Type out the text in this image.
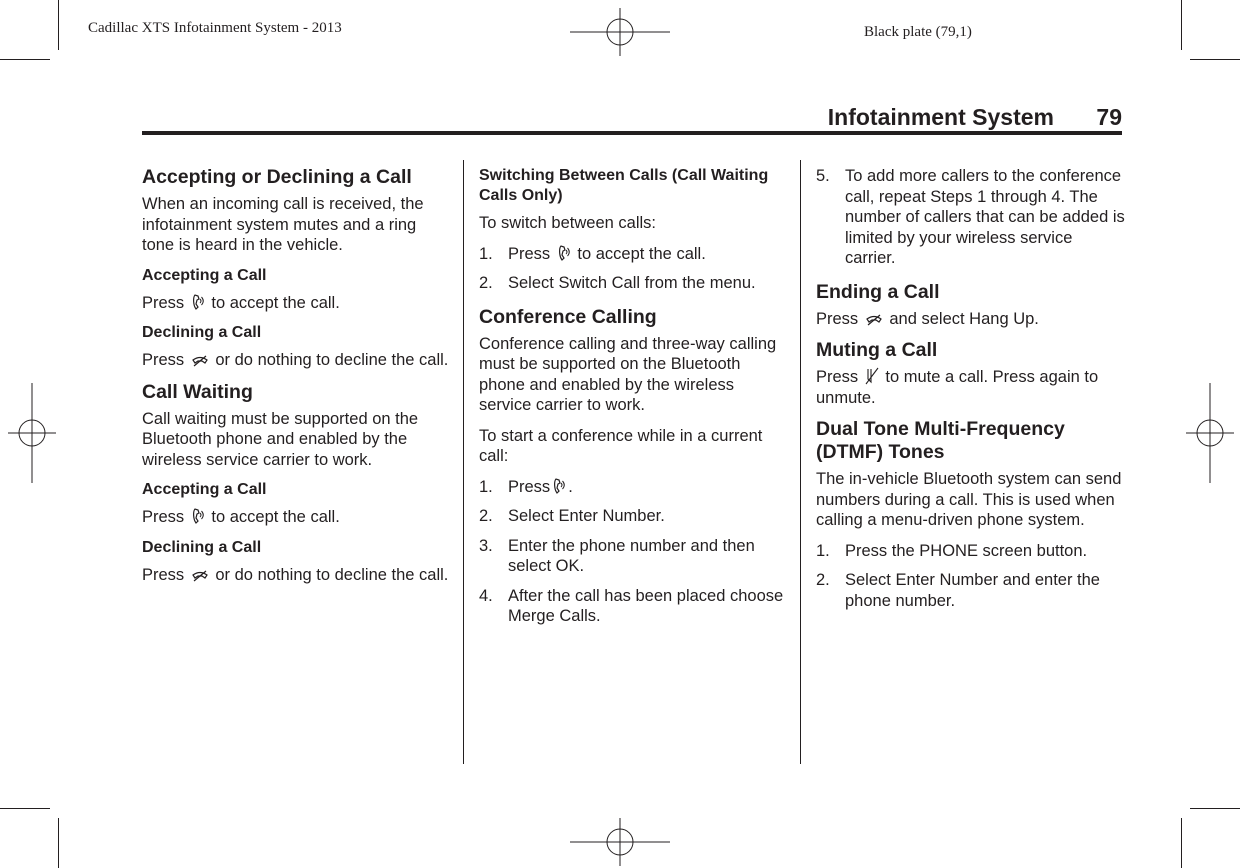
Cadillac XTS Infotainment System - 2013	Black plate (79,1)
Infotainment System 79
Accepting or Declining a Call

When an incoming call is received, the infotainment system mutes and a ring tone is heard in the vehicle.

Accepting a Call

Press to accept the call.

Declining a Call

Press or do nothing to decline the call.

Call Waiting

Call waiting must be supported on the Bluetooth phone and enabled by the wireless service carrier to work.

Accepting a Call

Press to accept the call.

Declining a Call

Press or do nothing to decline the call.

Switching Between Calls (Call Waiting Calls Only)

To switch between calls:

1. Press to accept the call.
2. Select Switch Call from the menu.
Conference Calling

Conference calling and three-way calling must be supported on the Bluetooth phone and enabled by the wireless service carrier to work.

To start a conference while in a current call:

1. Press .
2. Select Enter Number.
3. Enter the phone number and then select OK.
4. After the call has been placed choose Merge Calls.
5. To add more callers to the conference call, repeat Steps 1 through 4. The number of callers that can be added is limited by your wireless service carrier.
Ending a Call

Press and select Hang Up.

Muting a Call

Press to mute a call. Press again to unmute.

Dual Tone Multi-Frequency (DTMF) Tones

The in-vehicle Bluetooth system can send numbers during a call. This is used when calling a menu-driven phone system.

1. Press the PHONE screen button.
2. Select Enter Number and enter the phone number.
